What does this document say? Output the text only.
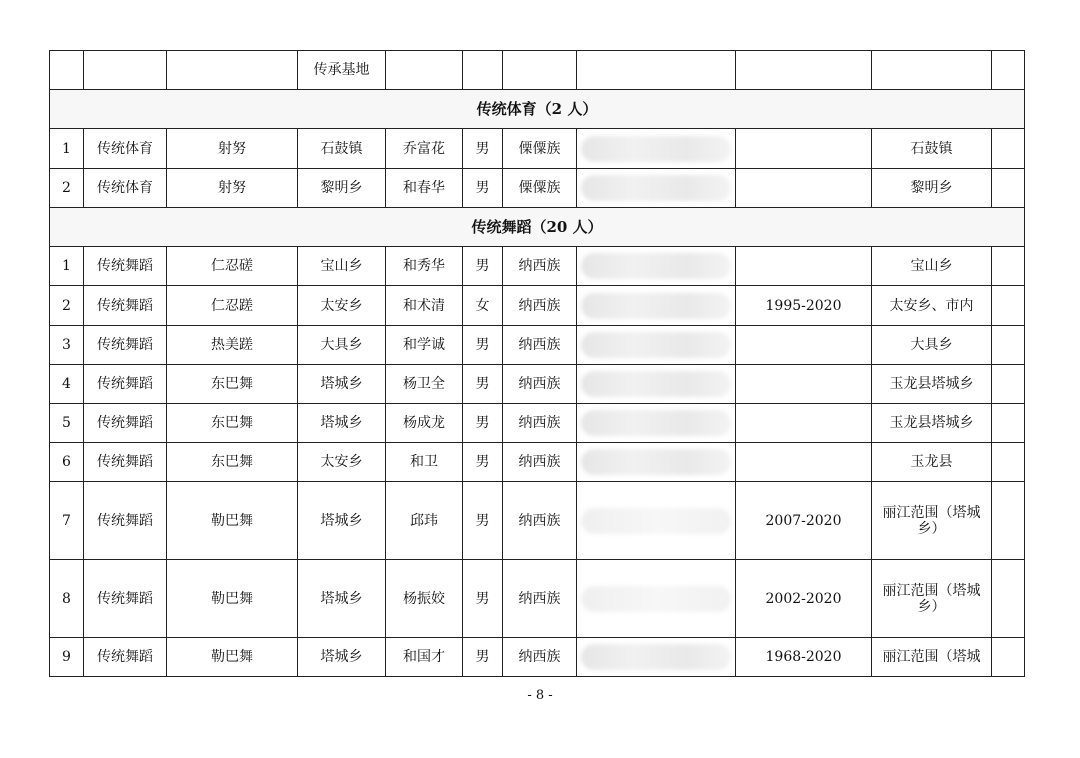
			传承基地							
传统体育（2 人）										
1	传统体育	射努	石鼓镇	乔富花	男	傈僳族			石鼓镇	
2	传统体育	射努	黎明乡	和春华	男	傈僳族			黎明乡	
传统舞蹈（20 人）										
1	传统舞蹈	仁忍磋	宝山乡	和秀华	男	纳西族			宝山乡	
2	传统舞蹈	仁忍蹉	太安乡	和术清	女	纳西族		1995-2020	太安乡、市内	
3	传统舞蹈	热美蹉	大具乡	和学诚	男	纳西族			大具乡	
4	传统舞蹈	东巴舞	塔城乡	杨卫全	男	纳西族			玉龙县塔城乡	
5	传统舞蹈	东巴舞	塔城乡	杨成龙	男	纳西族			玉龙县塔城乡	
6	传统舞蹈	东巴舞	太安乡	和卫	男	纳西族			玉龙县	
7	传统舞蹈	勒巴舞	塔城乡	邱玮	男	纳西族		2007-2020	丽江范围（塔城乡）	
8	传统舞蹈	勒巴舞	塔城乡	杨振姣	男	纳西族		2002-2020	丽江范围（塔城乡）	
9	传统舞蹈	勒巴舞	塔城乡	和国才	男	纳西族		1968-2020	丽江范围（塔城	
- 8 -
